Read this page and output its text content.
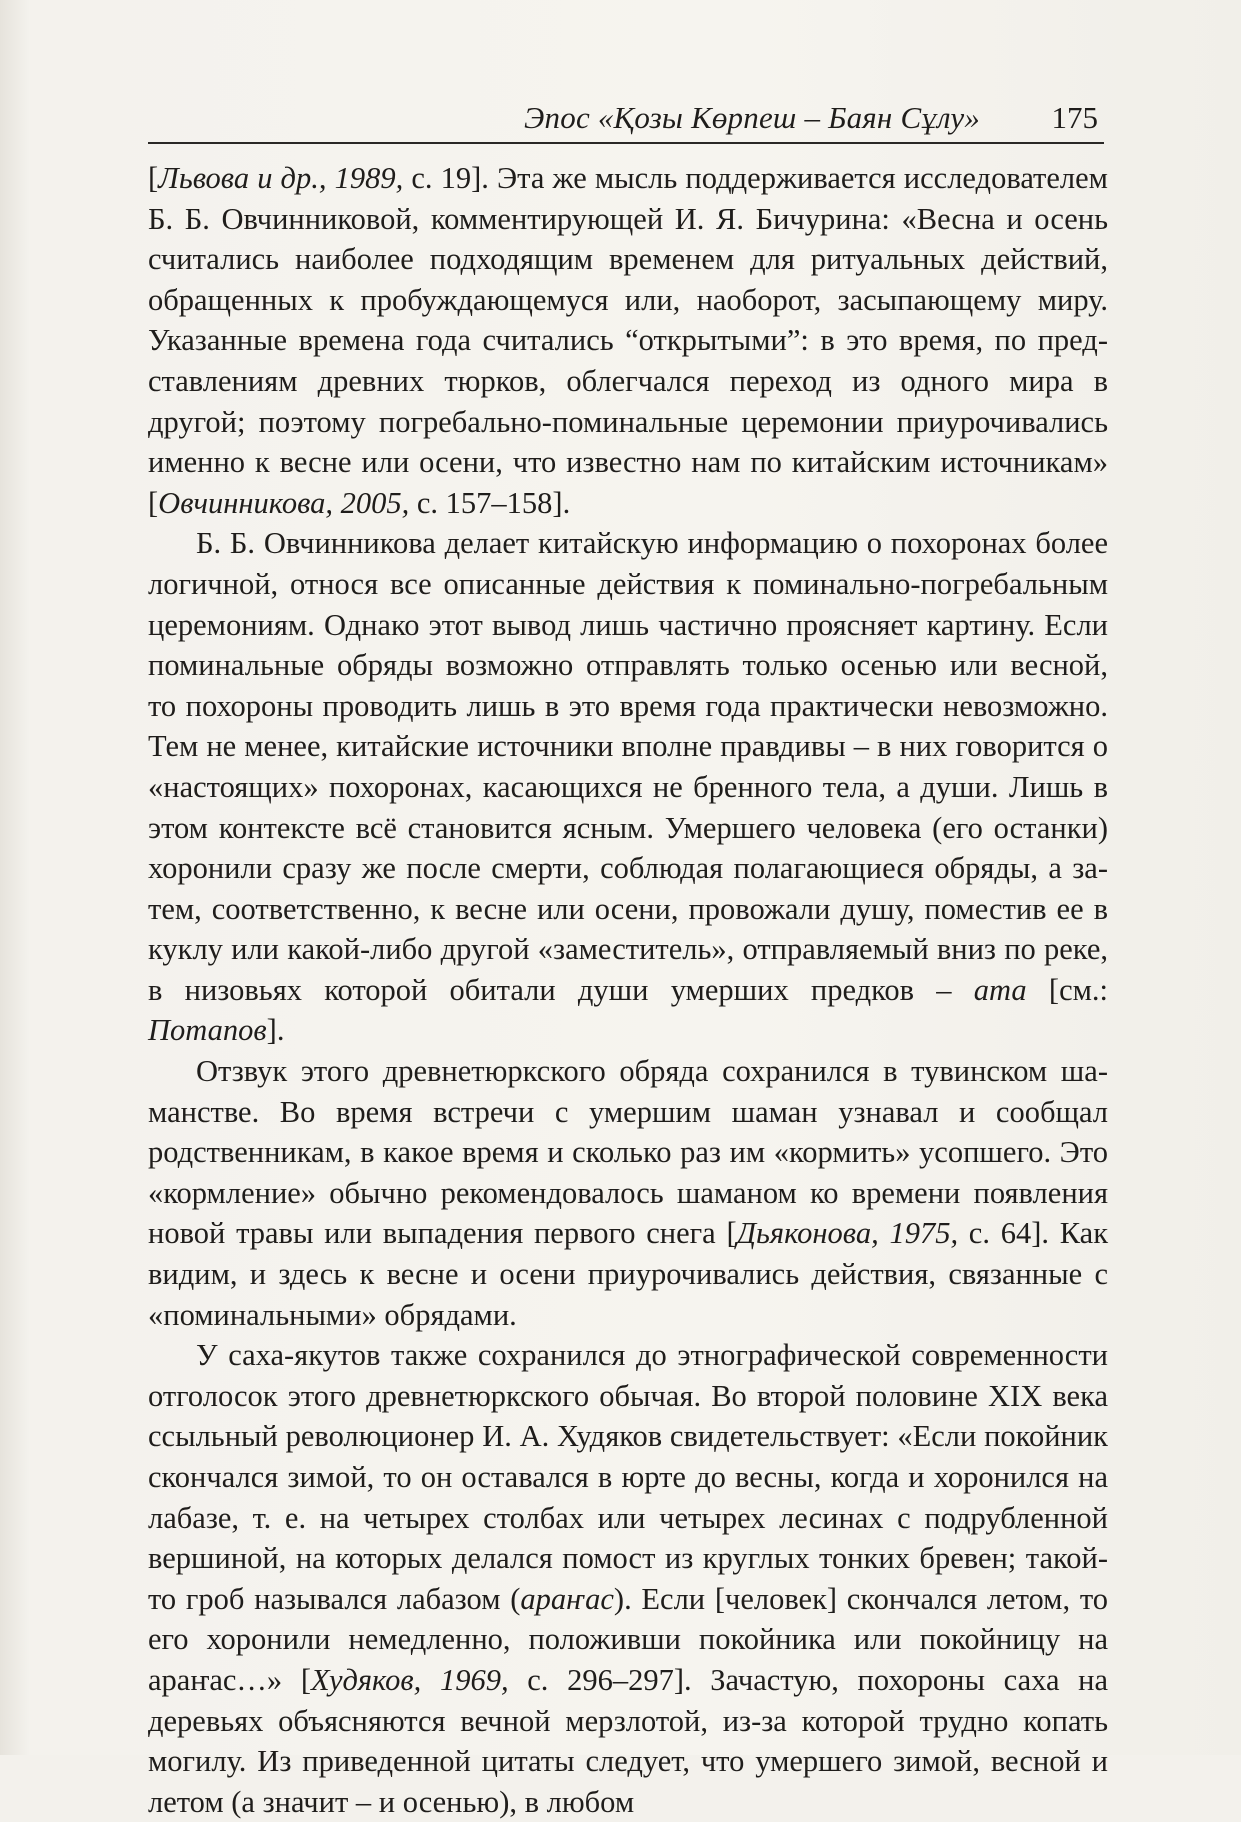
Эпос «Қозы Көрпеш – Баян Сұлу» 175

[Львова и др., 1989, с. 19]. Эта же мысль поддерживается исследователем Б. Б. Овчинниковой, комментирующей И. Я. Бичурина: «Весна и осень считались наиболее подходящим временем для ритуальных действий, обращенных к пробуждающемуся или, наоборот, засыпающему миру. Указанные времена года считались “открытыми”: в это время, по представлениям древних тюрков, облегчался переход из одного мира в другой; поэтому погребально-поминальные церемонии приурочивались именно к весне или осени, что известно нам по китайским источникам» [Овчинникова, 2005, с. 157–158].

Б. Б. Овчинникова делает китайскую информацию о похоронах более логичной, относя все описанные действия к поминально-погребальным церемониям. Однако этот вывод лишь частично проясняет картину. Если поминальные обряды возможно отправлять только осенью или весной, то похороны проводить лишь в это время года практически невозможно. Тем не менее, китайские источники вполне правдивы – в них говорится о «настоящих» похоронах, касающихся не бренного тела, а души. Лишь в этом контексте всё становится ясным. Умершего человека (его останки) хоронили сразу же после смерти, соблюдая полагающиеся обряды, а затем, соответственно, к весне или осени, провожали душу, поместив ее в куклу или какой-либо другой «заместитель», отправляемый вниз по реке, в низовьях которой обитали души умерших предков – ата [см.: Потапов].

Отзвук этого древнетюркского обряда сохранился в тувинском шаманстве. Во время встречи с умершим шаман узнавал и сообщал родственникам, в какое время и сколько раз им «кормить» усопшего. Это «кормление» обычно рекомендовалось шаманом ко времени появления новой травы или выпадения первого снега [Дьяконова, 1975, с. 64]. Как видим, и здесь к весне и осени приурочивались действия, связанные с «поминальными» обрядами.

У саха-якутов также сохранился до этнографической современности отголосок этого древнетюркского обычая. Во второй половине XIX века ссыльный революционер И. А. Худяков свидетельствует: «Если покойник скончался зимой, то он оставался в юрте до весны, когда и хоронился на лабазе, т. е. на четырех столбах или четырех лесинах с подрубленной вершиной, на которых делался помост из круглых тонких бревен; такой-то гроб назывался лабазом (араҥас). Если [человек] скончался летом, то его хоронили немедленно, положивши покойника или покойницу на араҥас…» [Худяков, 1969, с. 296–297]. Зачастую, похороны саха на деревьях объясняются вечной мерзлотой, из-за которой трудно копать могилу. Из приведенной цитаты следует, что умершего зимой, весной и летом (а значит – и осенью), в любом
